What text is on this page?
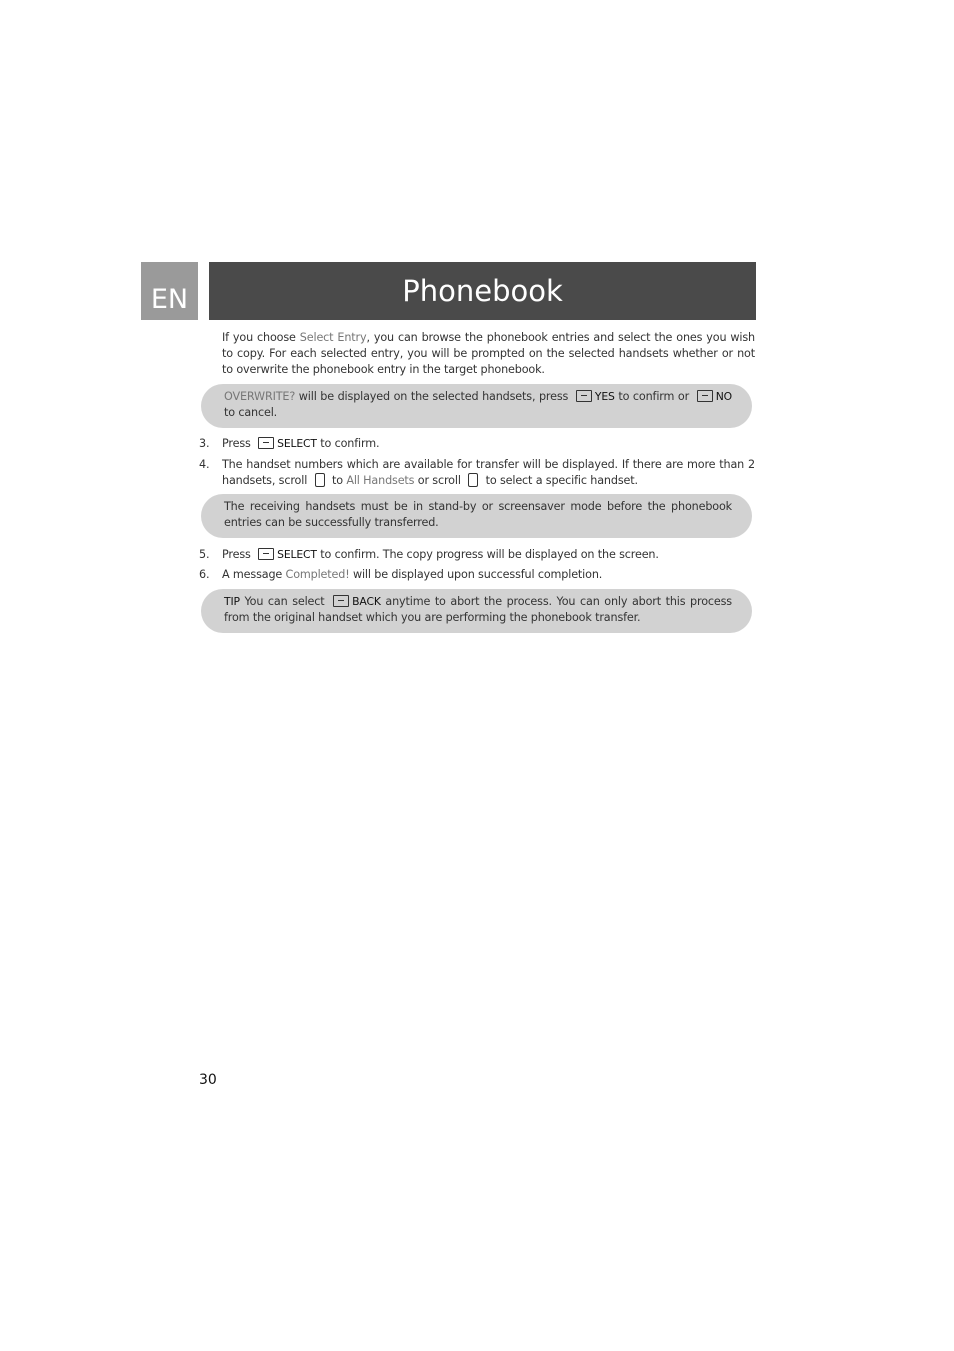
EN	Phonebook
If you choose Select Entry, you can browse the phonebook entries and select the ones you wish to copy. For each selected entry, you will be prompted on the selected handsets whether or not to overwrite the phonebook entry in the target phonebook.
OVERWRITE? will be displayed on the selected handsets, press YES to confirm or NO to cancel.
3. Press SELECT to confirm.
4. The handset numbers which are available for transfer will be displayed. If there are more than 2 handsets, scroll  to All Handsets or scroll  to select a specific handset.
The receiving handsets must be in stand-by or screensaver mode before the phonebook entries can be successfully transferred.
5. Press SELECT to confirm. The copy progress will be displayed on the screen.
6. A message Completed! will be displayed upon successful completion.
TIP You can select BACK anytime to abort the process. You can only abort this process from the original handset which you are performing the phonebook transfer.
30
